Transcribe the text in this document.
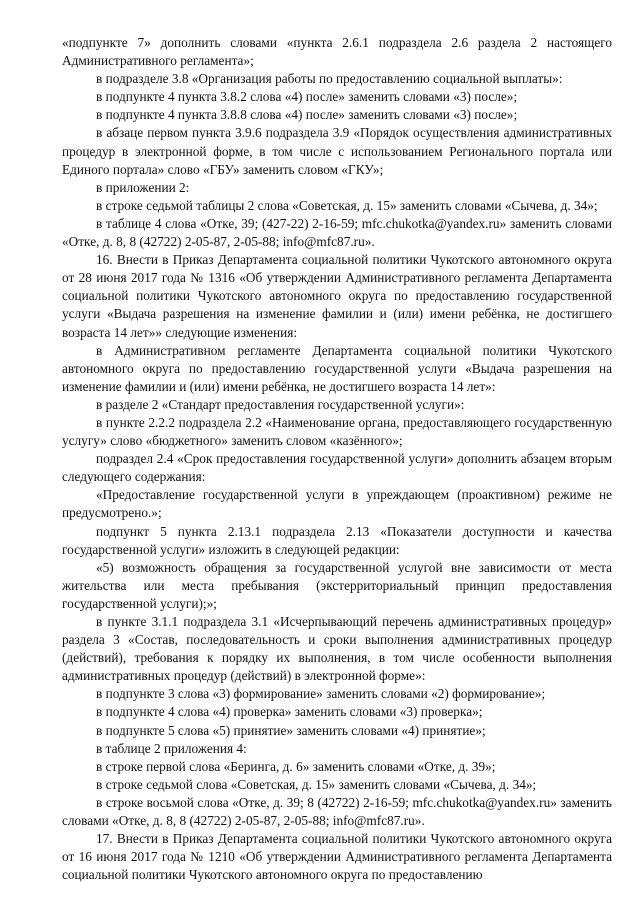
«подпункте 7» дополнить словами «пункта 2.6.1 подраздела 2.6 раздела 2 настоящего Административного регламента»;

в подразделе 3.8 «Организация работы по предоставлению социальной выплаты»:

в подпункте 4 пункта 3.8.2 слова «4) после» заменить словами «3) после»;

в подпункте 4 пункта 3.8.8 слова «4) после» заменить словами «3) после»;

в абзаце первом пункта 3.9.6 подраздела 3.9 «Порядок осуществления административных процедур в электронной форме, в том числе с использованием Регионального портала или Единого портала» слово «ГБУ» заменить словом «ГКУ»;

в приложении 2:

в строке седьмой таблицы 2 слова «Советская, д. 15» заменить словами «Сычева, д. 34»;

в таблице 4 слова «Отке, 39; (427-22) 2-16-59; mfc.chukotka@yandex.ru» заменить словами «Отке, д. 8, 8 (42722) 2-05-87, 2-05-88; info@mfc87.ru».

16. Внести в Приказ Департамента социальной политики Чукотского автономного округа от 28 июня 2017 года № 1316 «Об утверждении Административного регламента Департамента социальной политики Чукотского автономного округа по предоставлению государственной услуги «Выдача разрешения на изменение фамилии и (или) имени ребёнка, не достигшего возраста 14 лет»» следующие изменения:

в Административном регламенте Департамента социальной политики Чукотского автономного округа по предоставлению государственной услуги «Выдача разрешения на изменение фамилии и (или) имени ребёнка, не достигшего возраста 14 лет»:

в разделе 2 «Стандарт предоставления государственной услуги»:

в пункте 2.2.2 подраздела 2.2 «Наименование органа, предоставляющего государственную услугу» слово «бюджетного» заменить словом «казённого»;

подраздел 2.4 «Срок предоставления государственной услуги» дополнить абзацем вторым следующего содержания:

«Предоставление государственной услуги в упреждающем (проактивном) режиме не предусмотрено.»;

подпункт 5 пункта 2.13.1 подраздела 2.13 «Показатели доступности и качества государственной услуги» изложить в следующей редакции:

«5) возможность обращения за государственной услугой вне зависимости от места жительства или места пребывания (экстерриториальный принцип предоставления государственной услуги);»;

в пункте 3.1.1 подраздела 3.1 «Исчерпывающий перечень административных процедур» раздела 3 «Состав, последовательность и сроки выполнения административных процедур (действий), требования к порядку их выполнения, в том числе особенности выполнения административных процедур (действий) в электронной форме»:

в подпункте 3 слова «3) формирование» заменить словами «2) формирование»;

в подпункте 4 слова «4) проверка» заменить словами «3) проверка»;

в подпункте 5 слова «5) принятие» заменить словами «4) принятие»;

в таблице 2 приложения 4:

в строке первой слова «Беринга, д. 6» заменить словами «Отке, д. 39»;

в строке седьмой слова «Советская, д. 15» заменить словами «Сычева, д. 34»;

в строке восьмой слова «Отке, д. 39; 8 (42722) 2-16-59; mfc.chukotka@yandex.ru» заменить словами «Отке, д. 8, 8 (42722) 2-05-87, 2-05-88; info@mfc87.ru».

17. Внести в Приказ Департамента социальной политики Чукотского автономного округа от 16 июня 2017 года № 1210 «Об утверждении Административного регламента Департамента социальной политики Чукотского автономного округа по предоставлению
